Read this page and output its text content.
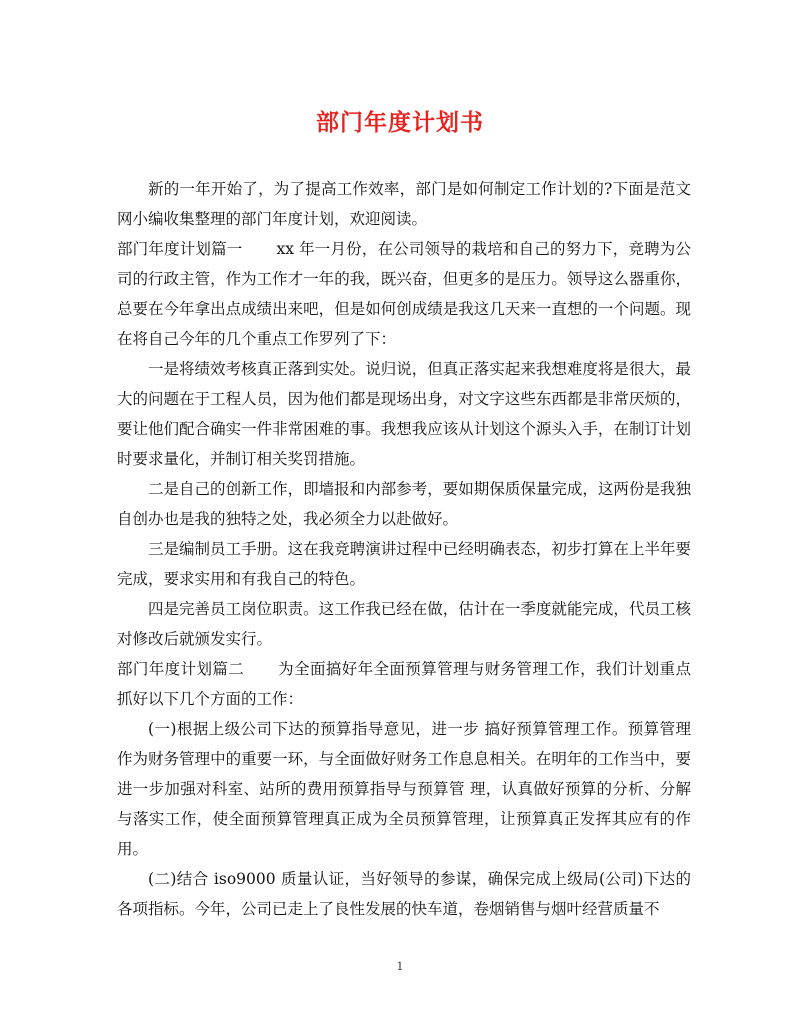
部门年度计划书

新的一年开始了，为了提高工作效率，部门是如何制定工作计划的?下面是范文网小编收集整理的部门年度计划，欢迎阅读。

部门年度计划篇一 xx 年一月份，在公司领导的栽培和自己的努力下，竞聘为公司的行政主管，作为工作才一年的我，既兴奋，但更多的是压力。领导这么器重你，总要在今年拿出点成绩出来吧，但是如何创成绩是我这几天来一直想的一个问题。现在将自己今年的几个重点工作罗列了下：

一是将绩效考核真正落到实处。说归说，但真正落实起来我想难度将是很大，最大的问题在于工程人员，因为他们都是现场出身，对文字这些东西都是非常厌烦的，要让他们配合确实一件非常困难的事。我想我应该从计划这个源头入手，在制订计划时要求量化，并制订相关奖罚措施。

二是自己的创新工作，即墙报和内部参考，要如期保质保量完成，这两份是我独自创办也是我的独特之处，我必须全力以赴做好。

三是编制员工手册。这在我竞聘演讲过程中已经明确表态，初步打算在上半年要完成，要求实用和有我自己的特色。

四是完善员工岗位职责。这工作我已经在做，估计在一季度就能完成，代员工核对修改后就颁发实行。

部门年度计划篇二 为全面搞好年全面预算管理与财务管理工作，我们计划重点抓好以下几个方面的工作：

(一)根据上级公司下达的预算指导意见，进一步 搞好预算管理工作。预算管理作为财务管理中的重要一环，与全面做好财务工作息息相关。在明年的工作当中，要进一步加强对科室、站所的费用预算指导与预算管 理，认真做好预算的分析、分解与落实工作，使全面预算管理真正成为全员预算管理，让预算真正发挥其应有的作用。

(二)结合 iso9000 质量认证，当好领导的参谋，确保完成上级局(公司)下达的各项指标。今年，公司已走上了良性发展的快车道，卷烟销售与烟叶经营质量不

1
